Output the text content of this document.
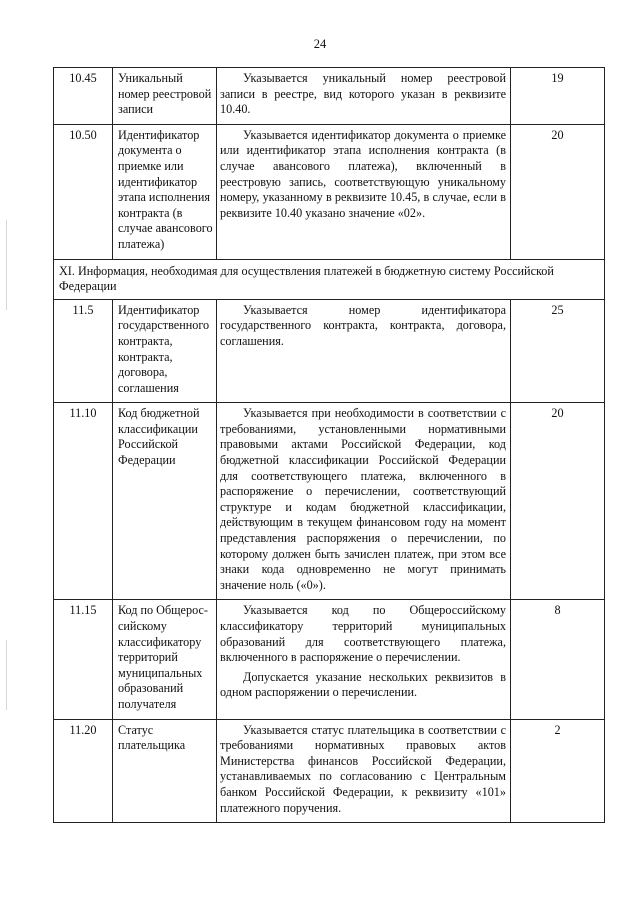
24
10.45	Уникальный номер реестровой записи	Указывается уникальный номер реестровой записи в реестре, вид которого указан в реквизите 10.40.	19
10.50	Идентификатор документа о приемке или идентификатор этапа исполнения контракта (в случае авансового платежа)	Указывается идентификатор документа о приемке или идентификатор этапа исполнения контракта (в случае авансового платежа), включенный в реестровую запись, соответствующую уникальному номеру, указанному в реквизите 10.45, в случае, если в реквизите 10.40 указано значение «02».	20
XI. Информация, необходимая для осуществления платежей в бюджетную систему Российской Федерации			
11.5	Идентификатор государственного контракта, контракта, договора, соглашения	Указывается номер идентификатора государственного контракта, контракта, договора, соглашения.	25
11.10	Код бюджетной классификации Российской Федерации	Указывается при необходимости в соответствии с требованиями, установленными нормативными правовыми актами Российской Федерации, код бюджетной классификации Российской Федерации для соответствующего платежа, включенного в распоряжение о перечислении, соответствующий структуре и кодам бюджетной классификации, действующим в текущем финансовом году на момент представления распоряжения о перечислении, по которому должен быть зачислен платеж, при этом все знаки кода одновременно не могут принимать значение ноль («0»).	20
11.15	Код по Общерос-сийскому классификатору территорий муниципальных образований получателя	Указывается код по Общероссийскому классификатору территорий муниципальных образований для соответствующего платежа, включенного в распоряжение о перечислении.

Допускается указание нескольких реквизитов в одном распоряжении о перечислении.	8
11.20	Статус плательщика	Указывается статус плательщика в соответствии с требованиями нормативных правовых актов Министерства финансов Российской Федерации, устанавливаемых по согласованию с Центральным банком Российской Федерации, к реквизиту «101» платежного поручения.	2
